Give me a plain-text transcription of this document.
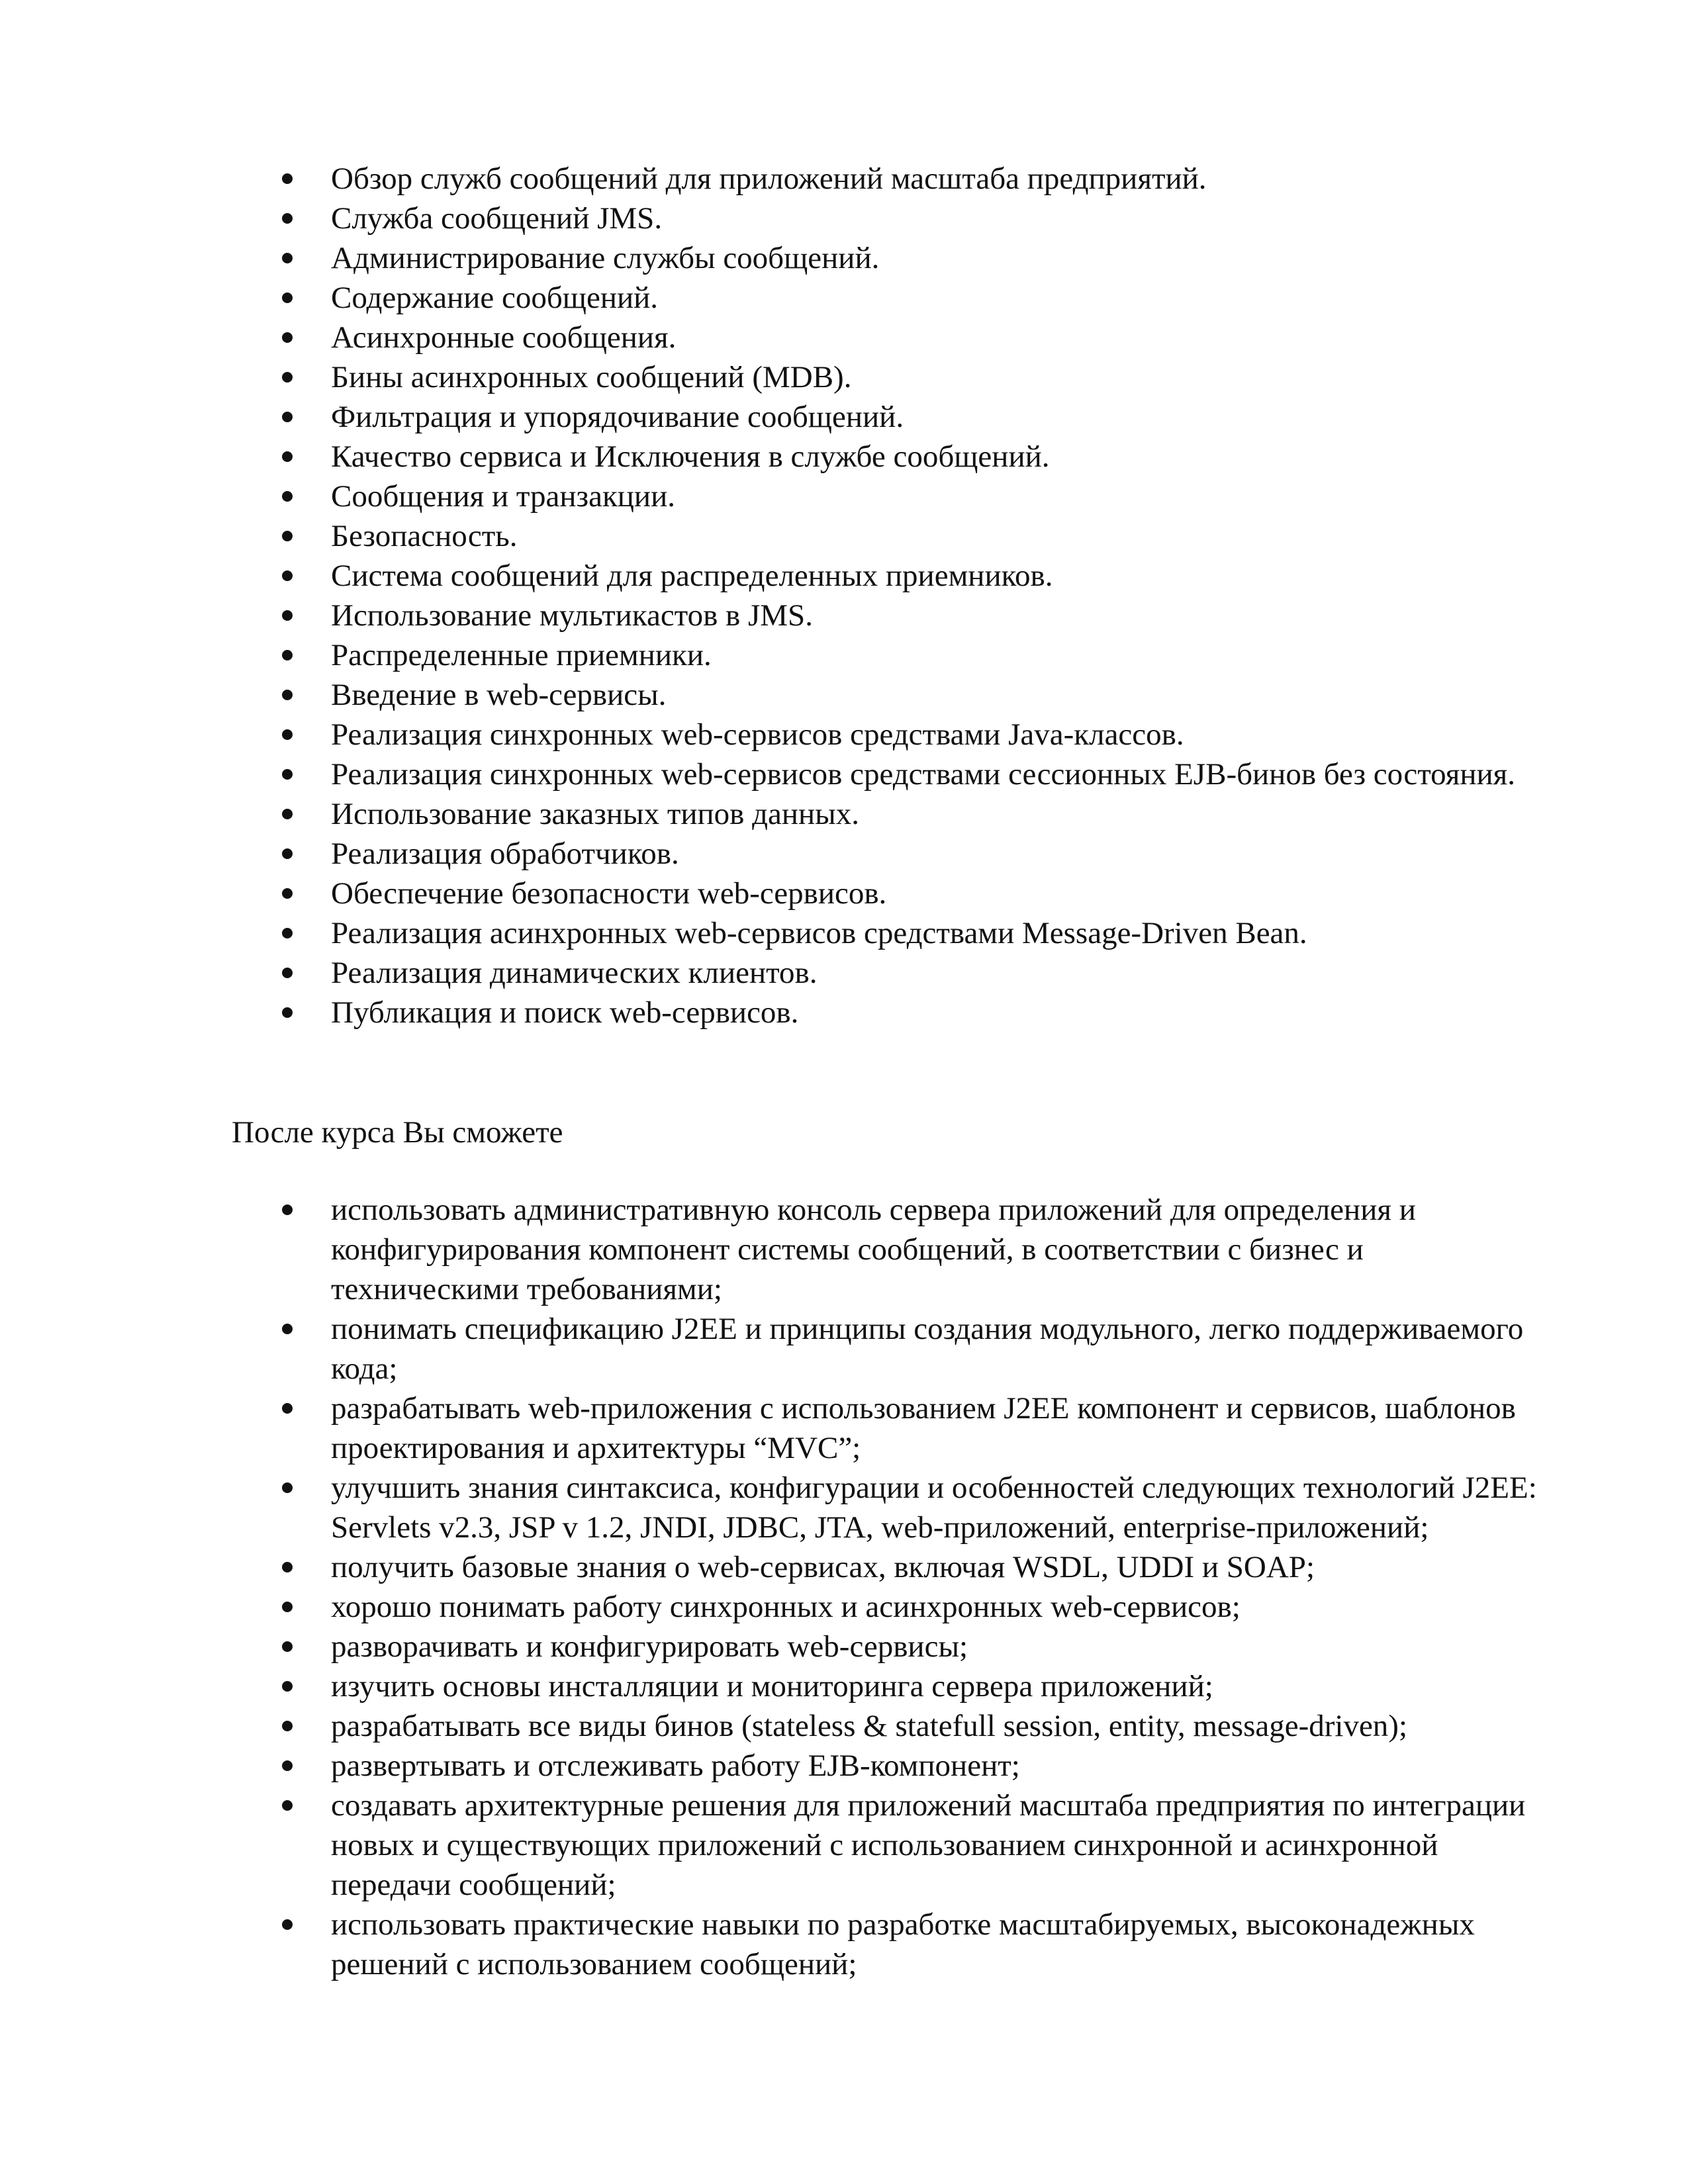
Обзор служб сообщений для приложений масштаба предприятий.
Служба сообщений JMS.
Администрирование службы сообщений.
Содержание сообщений.
Асинхронные сообщения.
Бины асинхронных сообщений (MDB).
Фильтрация и упорядочивание сообщений.
Качество сервиса и Исключения в службе сообщений.
Сообщения и транзакции.
Безопасность.
Система сообщений для распределенных приемников.
Использование мультикастов в JMS.
Распределенные приемники.
Введение в web-сервисы.
Реализация синхронных web-сервисов средствами Java-классов.
Реализация синхронных web-сервисов средствами сессионных EJB-бинов без состояния.
Использование заказных типов данных.
Реализация обработчиков.
Обеспечение безопасности web-сервисов.
Реализация асинхронных web-сервисов средствами Message-Driven Bean.
Реализация динамических клиентов.
Публикация и поиск web-сервисов.

После курса Вы сможете

использовать административную консоль сервера приложений для определения и конфигурирования компонент системы сообщений, в соответствии с бизнес и техническими требованиями;
понимать спецификацию J2EE и принципы создания модульного, легко поддерживаемого кода;
разрабатывать web-приложения с использованием J2EE компонент и сервисов, шаблонов проектирования и архитектуры “MVC”;
улучшить знания синтаксиса, конфигурации и особенностей следующих технологий J2EE: Servlets v2.3, JSP v 1.2, JNDI, JDBC, JTA, web-приложений, enterprise-приложений;
получить базовые знания о web-сервисах, включая WSDL, UDDI и SOAP;
хорошо понимать работу синхронных и асинхронных web-сервисов;
разворачивать и конфигурировать web-сервисы;
изучить основы инсталляции и мониторинга сервера приложений;
разрабатывать все виды бинов (stateless & statefull session, entity, message-driven);
развертывать и отслеживать работу EJB-компонент;
создавать архитектурные решения для приложений масштаба предприятия по интеграции новых и существующих приложений с использованием синхронной и асинхронной передачи сообщений;
использовать практические навыки по разработке масштабируемых, высоконадежных решений с использованием сообщений;
